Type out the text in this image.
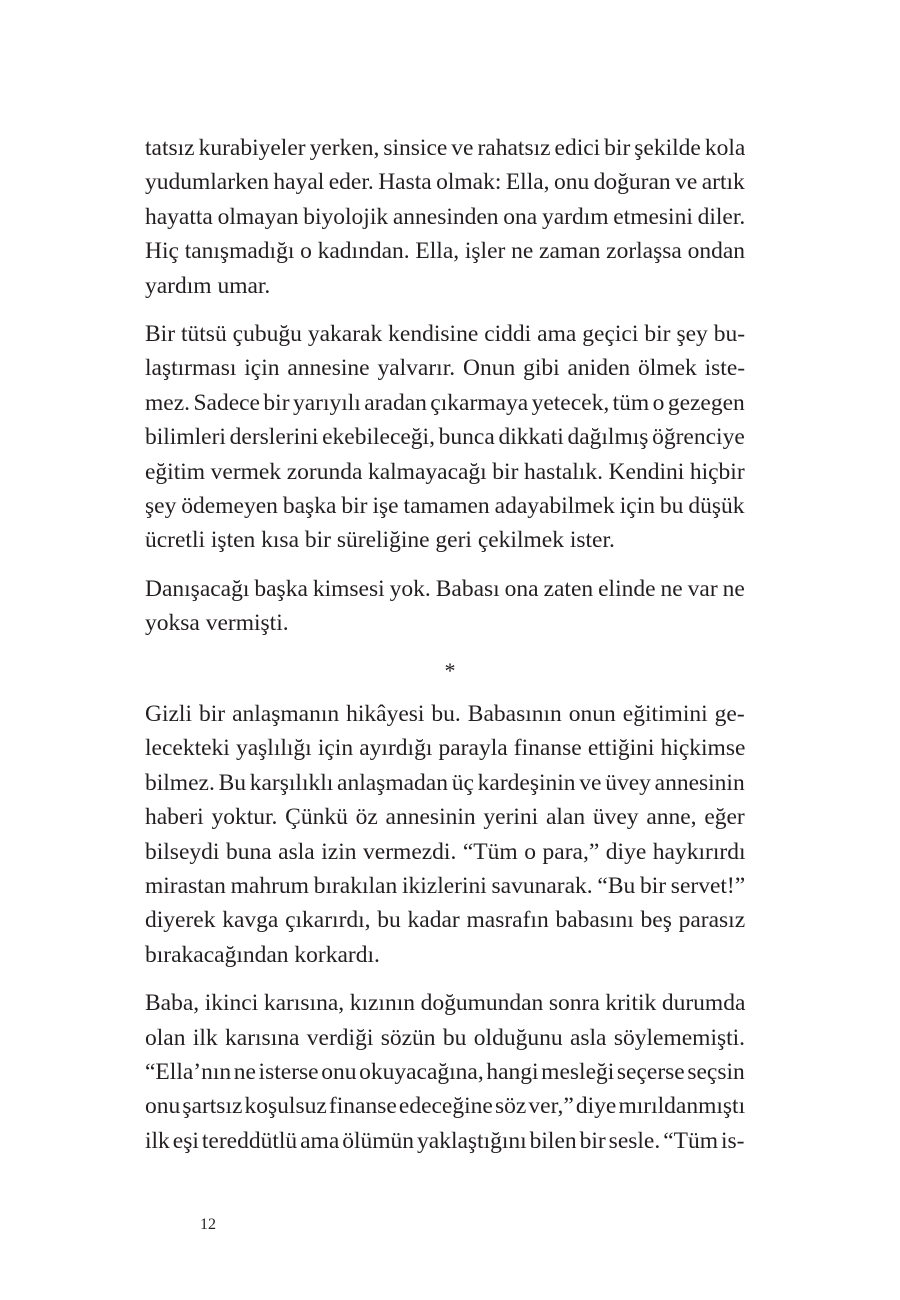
tatsız kurabiyeler yerken, sinsice ve rahatsız edici bir şekilde kola
yudumlarken hayal eder. Hasta olmak: Ella, onu doğuran ve artık
hayatta olmayan biyolojik annesinden ona yardım etmesini diler.
Hiç tanışmadığı o kadından. Ella, işler ne zaman zorlaşsa ondan
yardım umar.

Bir tütsü çubuğu yakarak kendisine ciddi ama geçici bir şey bu-
laştırması için annesine yalvarır. Onun gibi aniden ölmek iste-
mez. Sadece bir yarıyılı aradan çıkarmaya yetecek, tüm o gezegen
bilimleri derslerini ekebileceği, bunca dikkati dağılmış öğrenciye
eğitim vermek zorunda kalmayacağı bir hastalık. Kendini hiçbir
şey ödemeyen başka bir işe tamamen adayabilmek için bu düşük
ücretli işten kısa bir süreliğine geri çekilmek ister.

Danışacağı başka kimsesi yok. Babası ona zaten elinde ne var ne
yoksa vermişti.

*

Gizli bir anlaşmanın hikâyesi bu. Babasının onun eğitimini ge-
lecekteki yaşlılığı için ayırdığı parayla finanse ettiğini hiçkimse
bilmez. Bu karşılıklı anlaşmadan üç kardeşinin ve üvey annesinin
haberi yoktur. Çünkü öz annesinin yerini alan üvey anne, eğer
bilseydi buna asla izin vermezdi. “Tüm o para,” diye haykırırdı
mirastan mahrum bırakılan ikizlerini savunarak. “Bu bir servet!”
diyerek kavga çıkarırdı, bu kadar masrafın babasını beş parasız
bırakacağından korkardı.

Baba, ikinci karısına, kızının doğumundan sonra kritik durumda
olan ilk karısına verdiği sözün bu olduğunu asla söylememişti.
“Ella’nın ne isterse onu okuyacağına, hangi mesleği seçerse seçsin
onu şartsız koşulsuz finanse edeceğine söz ver,” diye mırıldanmıştı
ilk eşi tereddütlü ama ölümün yaklaştığını bilen bir sesle. “Tüm is-

12
